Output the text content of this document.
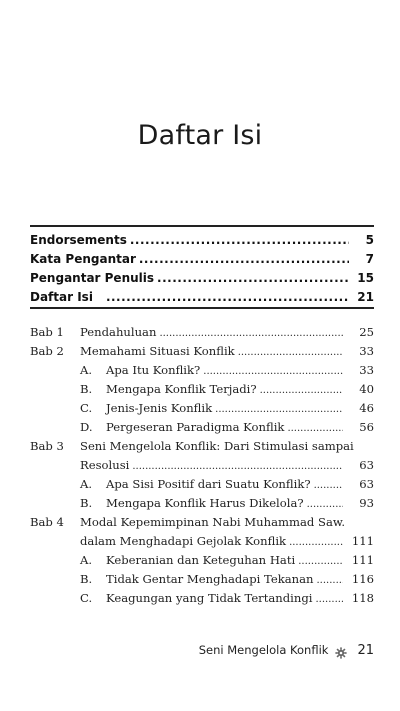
Daftar Isi
Endorsements .....	5
Kata Pengantar .....	7
Pengantar Penulis .....	15
Daftar Isi .....	21
Bab 1	Pendahuluan .....	25
Bab 2	Memahami Situasi Konflik .....	33
A.	Apa Itu Konflik? .....	33
B.	Mengapa Konflik Terjadi? .....	40
C.	Jenis-Jenis Konflik .....	46
D.	Pergeseran Paradigma Konflik .....	56
Bab 3	Seni Mengelola Konflik: Dari Stimulasi sampai
Resolusi .....	63
A.	Apa Sisi Positif dari Suatu Konflik? .....	63
B.	Mengapa Konflik Harus Dikelola? .....	93
Bab 4	Modal Kepemimpinan Nabi Muhammad Saw.
dalam Menghadapi Gejolak Konflik .....	111
A.	Keberanian dan Keteguhan Hati .....	111
B.	Tidak Gentar Menghadapi Tekanan .....	116
C.	Keagungan yang Tidak Tertandingi .....	118
Seni Mengelola Konflik 21
